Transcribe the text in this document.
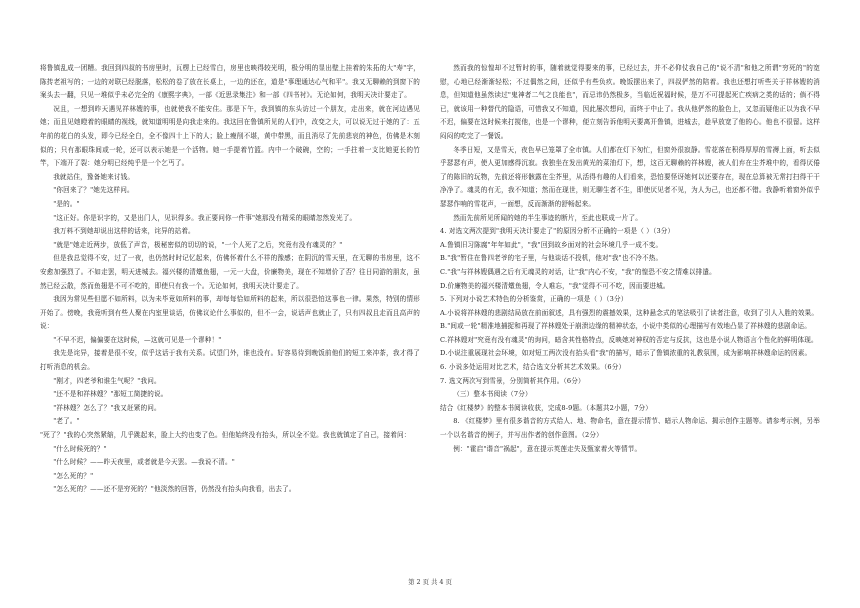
将鲁镇乱成一团糟。我回到四叔的书房里时，瓦楞上已经雪白，房里也映得较光明，极分明的显出壁上挂着的朱拓的大"寿"字，陈抟老祖写的；一边的对联已经脱落，松松的卷了放在长桌上，一边的还在，道是"事理通达心气和平"。我又无聊赖的到窗下的案头去一翻，只见一堆似乎未必完全的《康熙字典》，一部《近思录集注》和一部《四书衬》。无论如何，我明天决计要走了。

况且，一想到昨天遇见祥林嫂的事，也就使我不能安住。那是下午，我到镇的东头访过一个朋友，走出来，就在河边遇见她；而且见她瞪着的眼睛的视线，就知道明明是向我走来的。我这回在鲁镇所见的人们中，改变之大，可以说无过于她的了：五年前的花白的头发，即今已经全白，全不像四十上下的人；脸上瘦削不堪，黄中带黑，而且消尽了先前悲哀的神色，仿佛是木刻似的；只有那眼珠间或一轮，还可以表示她是一个活物。她一手提着竹篮。内中一个破碗，空的；一手拄着一支比她更长的竹竿，下端开了裂：她分明已经纯乎是一个乞丐了。

我就站住，豫备她来讨钱。

"你回来了？"她先这样问。

"是的。"

"这正好。你是识字的，又是出门人，见识得多。我正要问你一件事"她那没有精采的眼睛忽然发光了。

我万料不到她却说出这样的话来，诧异的站着。

"就是"她走近两步，放低了声音，极秘密似的切切的说，"一个人死了之后，究竟有没有魂灵的？"

但是我总觉得不安，过了一夜，也仍然时时记忆起来，仿佛怀着什么不祥的豫感；在阴沉的雪天里，在无聊的书房里，这不安愈加强烈了。不如走罢，明天进城去。福兴楼的清燉鱼翅，一元一大盘，价廉物美，现在不知增价了否？往日同游的朋友，虽然已经云散，然而鱼翅是不可不吃的，即使只有我一个。无论如何，我明天决计要走了。

我因为常见些但愿不如所料，以为未毕竟如所料的事，却每每恰如所料的起来，所以很恐怕这事也一律。果然，特别的情形开始了。傍晚，我竟听到有些人聚在内室里谈话，仿佛议论什么事似的，但不一会，说话声也就止了，只有四叔且走而且高声的说：

"不早不迟，偏偏要在这时候，—这就可见是一个谬种！"

我先是诧异，接着是很不安，似乎这话于我有关系。试望门外，谁也没有。好容易待到晚饭前他们的短工来冲茶，我才得了打听消息的机会。

"刚才，四老爷和谁生气呢？"我问。

"还不是和祥林嫂？"那短工简捷的说。

"祥林嫂？怎么了？"我又赶紧的问。

"老了。"

"死了？"我的心突然紧缩，几乎跳起来，脸上大约也变了色。但他始终没有抬头，所以全不觉。我也就镇定了自己，接着问：

"什么时候死的？"

"什么时候？——昨天夜里，或者就是今天罢。—我说不清。"

"怎么死的？"

"怎么死的？——还不是穷死的？"他淡然的回答，仍然没有抬头向我看，出去了。

然而我的惊惶却不过暂时的事，随着就觉得要来的事，已经过去，并不必仰仗我自己的"说不清"和他之所谓"穷死的"的宽慰，心地已经渐渐轻松；不过偶然之间，还似乎有些负疚。晚饭摆出来了，四叔俨然的陪着。我也还想打听些关于祥林嫂的消息，但知道他虽然读过"鬼神者二气之良能也"，而忌讳仍然极多，当临近祝福时候，是万不可提起死亡疾病之类的话的；倘不得已，就该用一种替代的隐语，可惜我又不知道，因此屡次想问，而终于中止了。我从他俨然的脸色上，又忽而疑他正以为我不早不迟，偏要在这时候来打搅他，也是一个谬种，便立刻告诉他明天要离开鲁镇，进城去，趁早放宽了他的心。他也不很留。这样闷闷的吃完了一餐饭。

冬季日短，又是雪天，夜色早已笼罩了全市镇。人们都在灯下匆忙，但窗外很寂静。雪花落在积得厚厚的雪褥上面，听去似乎瑟瑟有声，使人更加感得沉寂。我独坐在发出黄光的菜油灯下，想，这百无聊赖的祥林嫂，被人们弃在尘芥堆中的，看得厌倦了的陈旧的玩物，先前还将形骸露在尘芥里，从活得有趣的人们看来，恐怕要怪讶她何以还要存在，现在总算被无常打扫得干干净净了。魂灵的有无，我不知道；然而在现世，则无聊生者不生，即使厌见者不见，为人为己，也还都不错。我静听着窗外似乎瑟瑟作响的雪花声，一面想，反而渐渐的舒畅起来。

然而先前所见所闻的她的半生事迹的断片，至此也联成一片了。

4. 对选文两次提到"我明天决计要走了"的原因分析不正确的一项是（ ）（3分）

A.鲁镇旧习陈腐"年年如此"，"我"回到故乡面对的社会环境几乎一成不变。

B."我"暂住在鲁四老爷的宅子里，与他谈话不投机，他对"我"也不冷不热。

C."我"与祥林嫂偶遇之后有无魂灵的对话，让"我"内心不安，"我"的惶恐不安之情难以排遣。

D.价廉物美的福兴楼清燉鱼翅，令人难忘，"我"觉得不可不吃，因而要进城。

5. 下列对小说艺术特色的分析鉴赏，正确的一项是（ ）（3分）

A.小说将祥林嫂的悲剧结局放在前面叙述，具有强烈的震撼效果，这种悬念式的笔法吸引了读者注意，收到了引人入胜的效果。

B."间或一轮"精准地捕捉和再现了祥林嫂处于崩溃边缘的精神状态，小说中类似的心理描写有效地凸显了祥林嫂的悲剧命运。

C.祥林嫂对"究竟有没有魂灵"的询问，暗含其性格特点，反映她对神权的否定与反抗，这也是小说人物语言个性化的鲜明体现。

D.小说注重展现社会环境，如对短工两次没有抬头看"我"的描写，暗示了鲁镇浓重的礼教氛围，成为影响祥林嫂命运的因素。

6. 小说多处运用对比艺术，结合选文分析其艺术效果。（6分）

7. 选文两次写到雪景，分别简析其作用。（6分）

（三）整本书阅读（7分）

结合《红楼梦》的整本书阅读收获，完成8-9题。（本题共2小题，7分）

8. 《红楼梦》里有很多谐音的方式给人、地、物命名，意在提示情节、暗示人物命运、揭示创作主题等。请参考示例，另举一个以名谐音的例子，并写出作者的创作意图。（2分）

例："霍启"谐音"祸起"，意在提示英莲走失及甄家着火等情节。

第 2 页 共 4 页
